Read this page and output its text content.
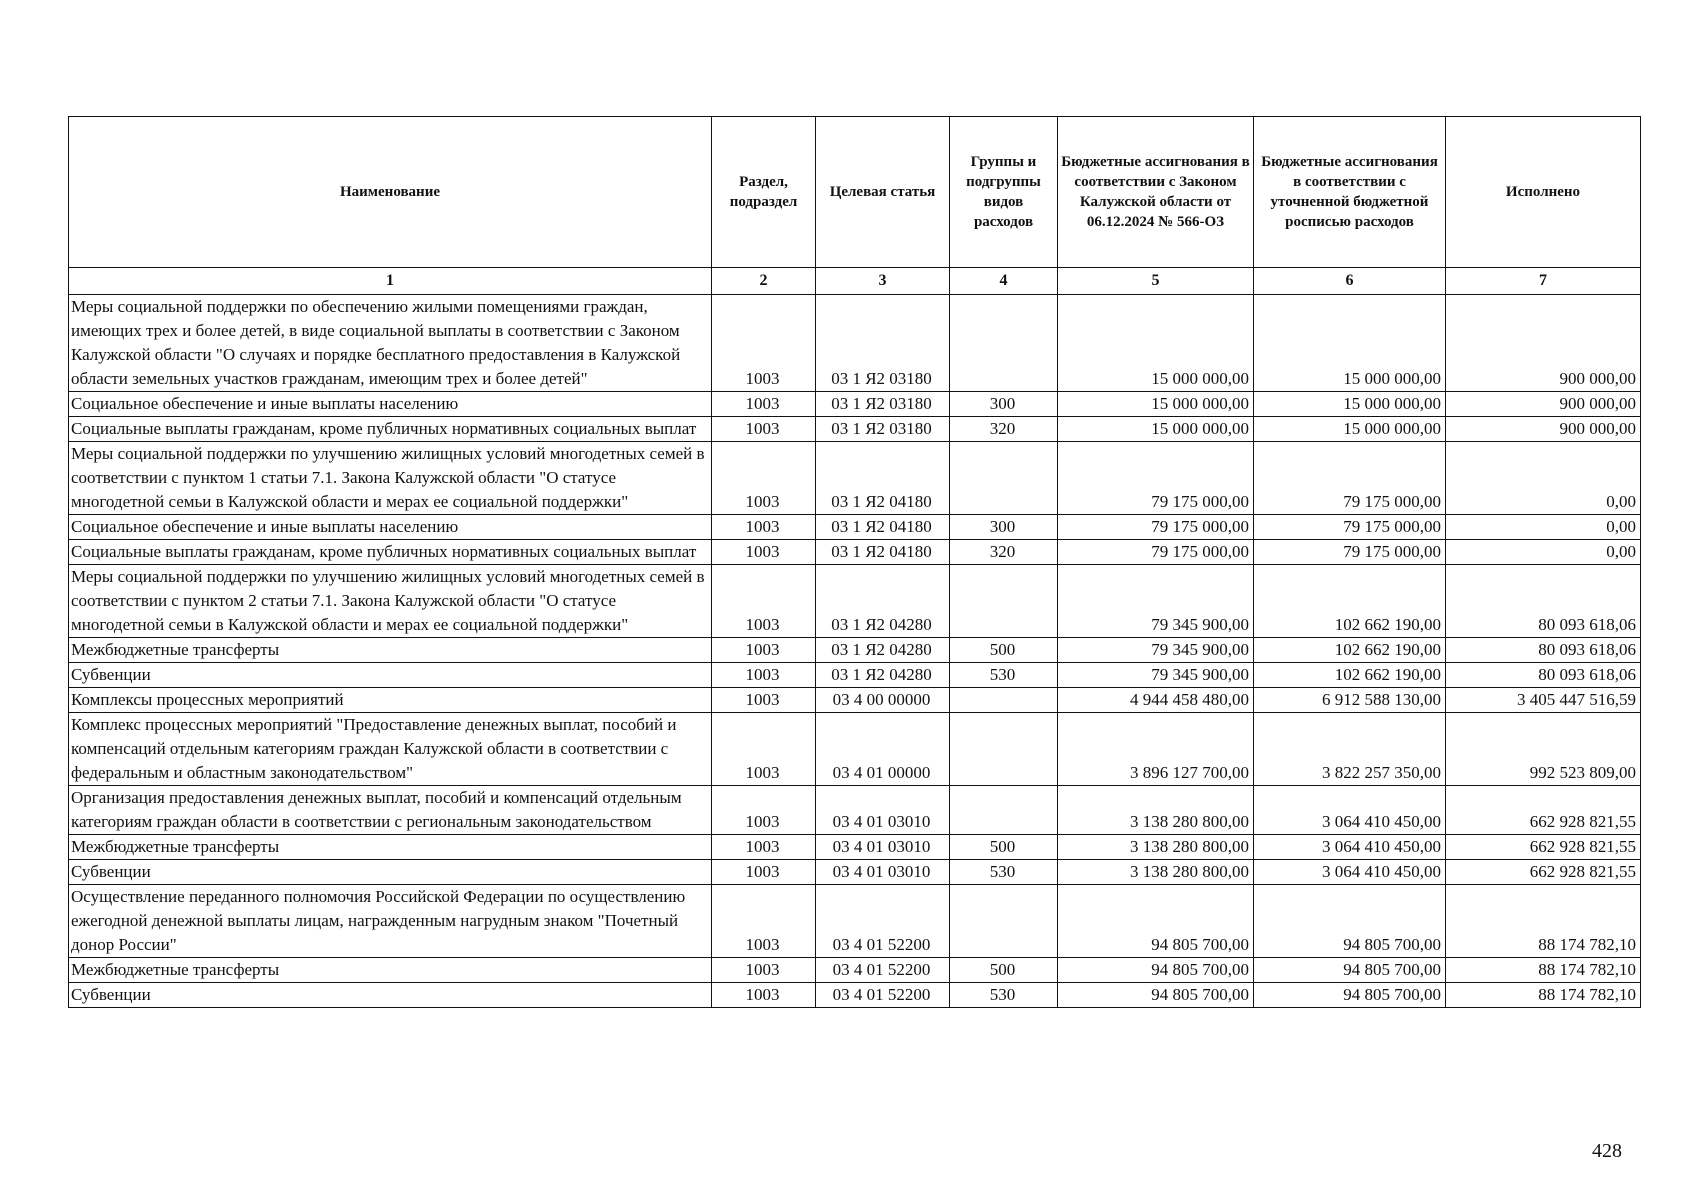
Наименование	Раздел, подраздел	Целевая статья	Группы и подгруппы видов расходов	Бюджетные ассигнования в соответствии с Законом Калужской области от 06.12.2024 № 566-ОЗ	Бюджетные ассигнования в соответствии с уточненной бюджетной росписью расходов	Исполнено
1	2	3	4	5	6	7
Меры социальной поддержки по обеспечению жилыми помещениями граждан, имеющих трех и более детей, в виде социальной выплаты в соответствии с Законом Калужской области "О случаях и порядке бесплатного предоставления в Калужской области земельных участков гражданам, имеющим трех и более детей"	1003	03 1 Я2 03180		15 000 000,00	15 000 000,00	900 000,00
Социальное обеспечение и иные выплаты населению	1003	03 1 Я2 03180	300	15 000 000,00	15 000 000,00	900 000,00
Социальные выплаты гражданам, кроме публичных нормативных социальных выплат	1003	03 1 Я2 03180	320	15 000 000,00	15 000 000,00	900 000,00
Меры социальной поддержки по улучшению жилищных условий многодетных семей в соответствии с пунктом 1 статьи 7.1. Закона Калужской области "О статусе многодетной семьи в Калужской области и мерах ее социальной поддержки"	1003	03 1 Я2 04180		79 175 000,00	79 175 000,00	0,00
Социальное обеспечение и иные выплаты населению	1003	03 1 Я2 04180	300	79 175 000,00	79 175 000,00	0,00
Социальные выплаты гражданам, кроме публичных нормативных социальных выплат	1003	03 1 Я2 04180	320	79 175 000,00	79 175 000,00	0,00
Меры социальной поддержки по улучшению жилищных условий многодетных семей в соответствии с пунктом 2 статьи 7.1. Закона Калужской области "О статусе многодетной семьи в Калужской области и мерах ее социальной поддержки"	1003	03 1 Я2 04280		79 345 900,00	102 662 190,00	80 093 618,06
Межбюджетные трансферты	1003	03 1 Я2 04280	500	79 345 900,00	102 662 190,00	80 093 618,06
Субвенции	1003	03 1 Я2 04280	530	79 345 900,00	102 662 190,00	80 093 618,06
Комплексы процессных мероприятий	1003	03 4 00 00000		4 944 458 480,00	6 912 588 130,00	3 405 447 516,59
Комплекс процессных мероприятий "Предоставление денежных выплат, пособий и компенсаций отдельным категориям граждан Калужской области в соответствии с федеральным и областным законодательством"	1003	03 4 01 00000		3 896 127 700,00	3 822 257 350,00	992 523 809,00
Организация предоставления денежных выплат, пособий и компенсаций отдельным категориям граждан области в соответствии с региональным законодательством	1003	03 4 01 03010		3 138 280 800,00	3 064 410 450,00	662 928 821,55
Межбюджетные трансферты	1003	03 4 01 03010	500	3 138 280 800,00	3 064 410 450,00	662 928 821,55
Субвенции	1003	03 4 01 03010	530	3 138 280 800,00	3 064 410 450,00	662 928 821,55
Осуществление переданного полномочия Российской Федерации по осуществлению ежегодной денежной выплаты лицам, награжденным нагрудным знаком "Почетный донор России"	1003	03 4 01 52200		94 805 700,00	94 805 700,00	88 174 782,10
Межбюджетные трансферты	1003	03 4 01 52200	500	94 805 700,00	94 805 700,00	88 174 782,10
Субвенции	1003	03 4 01 52200	530	94 805 700,00	94 805 700,00	88 174 782,10
428
